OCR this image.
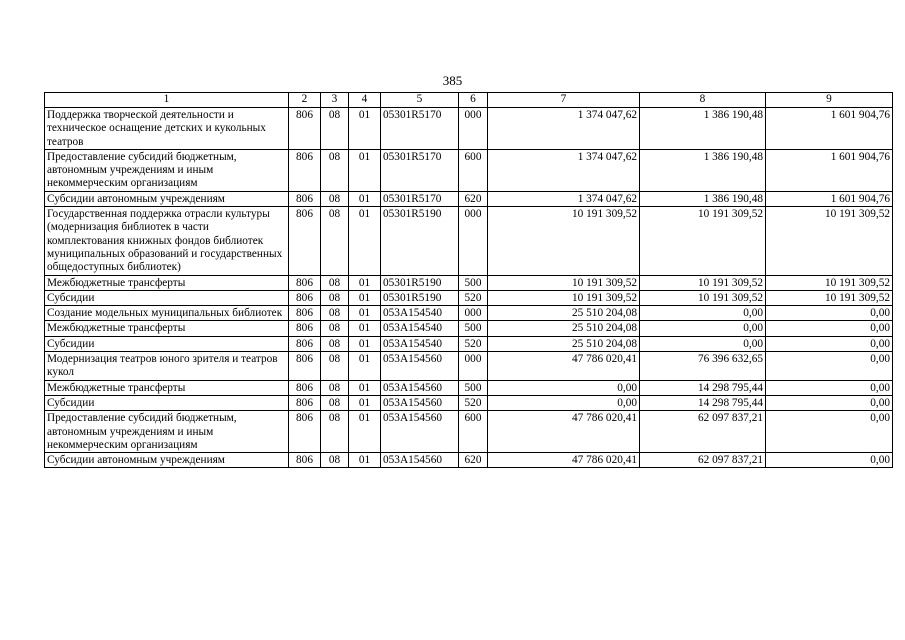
385
1	2	3	4	5	6	7	8	9
Поддержка творческой деятельности и техническое оснащение детских и кукольных театров	806	08	01	05301R5170	000	1 374 047,62	1 386 190,48	1 601 904,76
Предоставление субсидий бюджетным, автономным учреждениям и иным некоммерческим организациям	806	08	01	05301R5170	600	1 374 047,62	1 386 190,48	1 601 904,76
Субсидии автономным учреждениям	806	08	01	05301R5170	620	1 374 047,62	1 386 190,48	1 601 904,76
Государственная поддержка отрасли культуры (модернизация библиотек в части комплектования книжных фондов библиотек муниципальных образований и государственных общедоступных библиотек)	806	08	01	05301R5190	000	10 191 309,52	10 191 309,52	10 191 309,52
Межбюджетные трансферты	806	08	01	05301R5190	500	10 191 309,52	10 191 309,52	10 191 309,52
Субсидии	806	08	01	05301R5190	520	10 191 309,52	10 191 309,52	10 191 309,52
Создание модельных муниципальных библиотек	806	08	01	053A154540	000	25 510 204,08	0,00	0,00
Межбюджетные трансферты	806	08	01	053A154540	500	25 510 204,08	0,00	0,00
Субсидии	806	08	01	053A154540	520	25 510 204,08	0,00	0,00
Модернизация театров юного зрителя и театров кукол	806	08	01	053A154560	000	47 786 020,41	76 396 632,65	0,00
Межбюджетные трансферты	806	08	01	053A154560	500	0,00	14 298 795,44	0,00
Субсидии	806	08	01	053A154560	520	0,00	14 298 795,44	0,00
Предоставление субсидий бюджетным, автономным учреждениям и иным некоммерческим организациям	806	08	01	053A154560	600	47 786 020,41	62 097 837,21	0,00
Субсидии автономным учреждениям	806	08	01	053A154560	620	47 786 020,41	62 097 837,21	0,00
